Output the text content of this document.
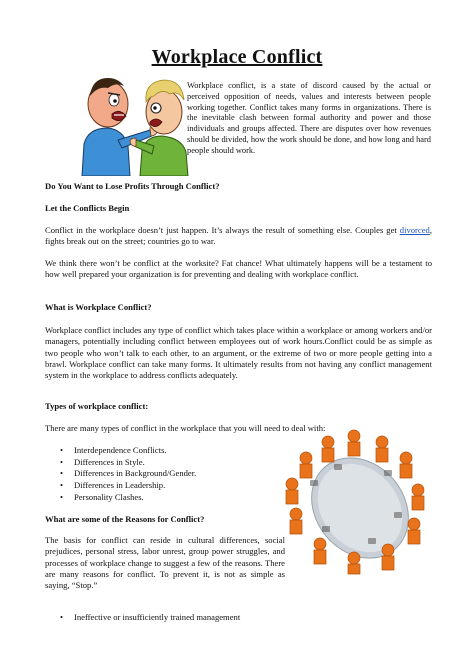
Workplace Conflict
Workplace conflict, is a state of discord caused by the actual or perceived opposition of needs, values and interests between people working together. Conflict takes many forms in organizations. There is the inevitable clash between formal authority and power and those individuals and groups affected. There are disputes over how revenues should be divided, how the work should be done, and how long and hard people should work.
Do You Want to Lose Profits Through Conflict?
Let the Conflicts Begin
Conflict in the workplace doesn’t just happen. It’s always the result of something else. Couples get divorced, fights break out on the street; countries go to war.
We think there won’t be conflict at the worksite? Fat chance! What ultimately happens will be a testament to how well prepared your organization is for preventing and dealing with workplace conflict.
What is Workplace Conflict?
Workplace conflict includes any type of conflict which takes place within a workplace or among workers and/or managers, potentially including conflict between employees out of work hours.Conflict could be as simple as two people who won’t talk to each other, to an argument, or the extreme of two or more people getting into a brawl. Workplace conflict can take many forms. It ultimately results from not having any conflict management system in the workplace to address conflicts adequately.
Types of workplace conflict:
There are many types of conflict in the workplace that you will need to deal with:
• Interdependence Conflicts.
• Differences in Style.
• Differences in Background/Gender.
• Differences in Leadership.
• Personality Clashes.
What are some of the Reasons for Conflict?
The basis for conflict can reside in cultural differences, social prejudices, personal stress, labor unrest, group power struggles, and processes of workplace change to suggest a few of the reasons. There are many reasons for conflict. To prevent it, is not as simple as saying, “Stop.”
• Ineffective or insufficiently trained management
